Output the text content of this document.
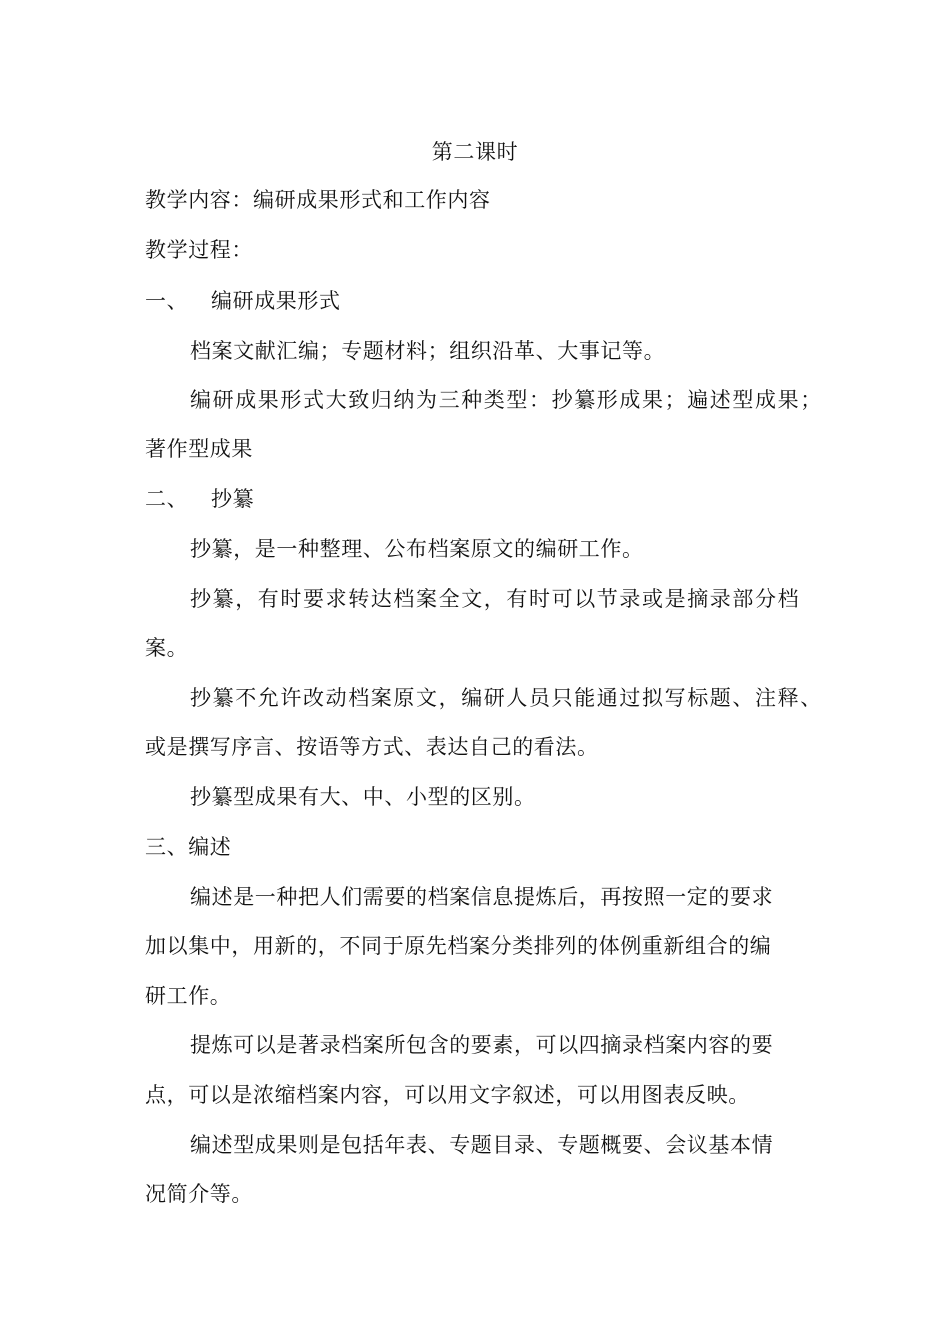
第二课时
教学内容：编研成果形式和工作内容
教学过程：
一、 编研成果形式
档案文献汇编；专题材料；组织沿革、大事记等。
编研成果形式大致归纳为三种类型：抄纂形成果；遍述型成果；
著作型成果
二、 抄纂
抄纂，是一种整理、公布档案原文的编研工作。
抄纂，有时要求转达档案全文，有时可以节录或是摘录部分档
案。
抄纂不允许改动档案原文，编研人员只能通过拟写标题、注释、
或是撰写序言、按语等方式、表达自己的看法。
抄纂型成果有大、中、小型的区别。
三、编述
编述是一种把人们需要的档案信息提炼后，再按照一定的要求
加以集中，用新的，不同于原先档案分类排列的体例重新组合的编
研工作。
提炼可以是著录档案所包含的要素，可以四摘录档案内容的要
点，可以是浓缩档案内容，可以用文字叙述，可以用图表反映。
编述型成果则是包括年表、专题目录、专题概要、会议基本情
况简介等。
